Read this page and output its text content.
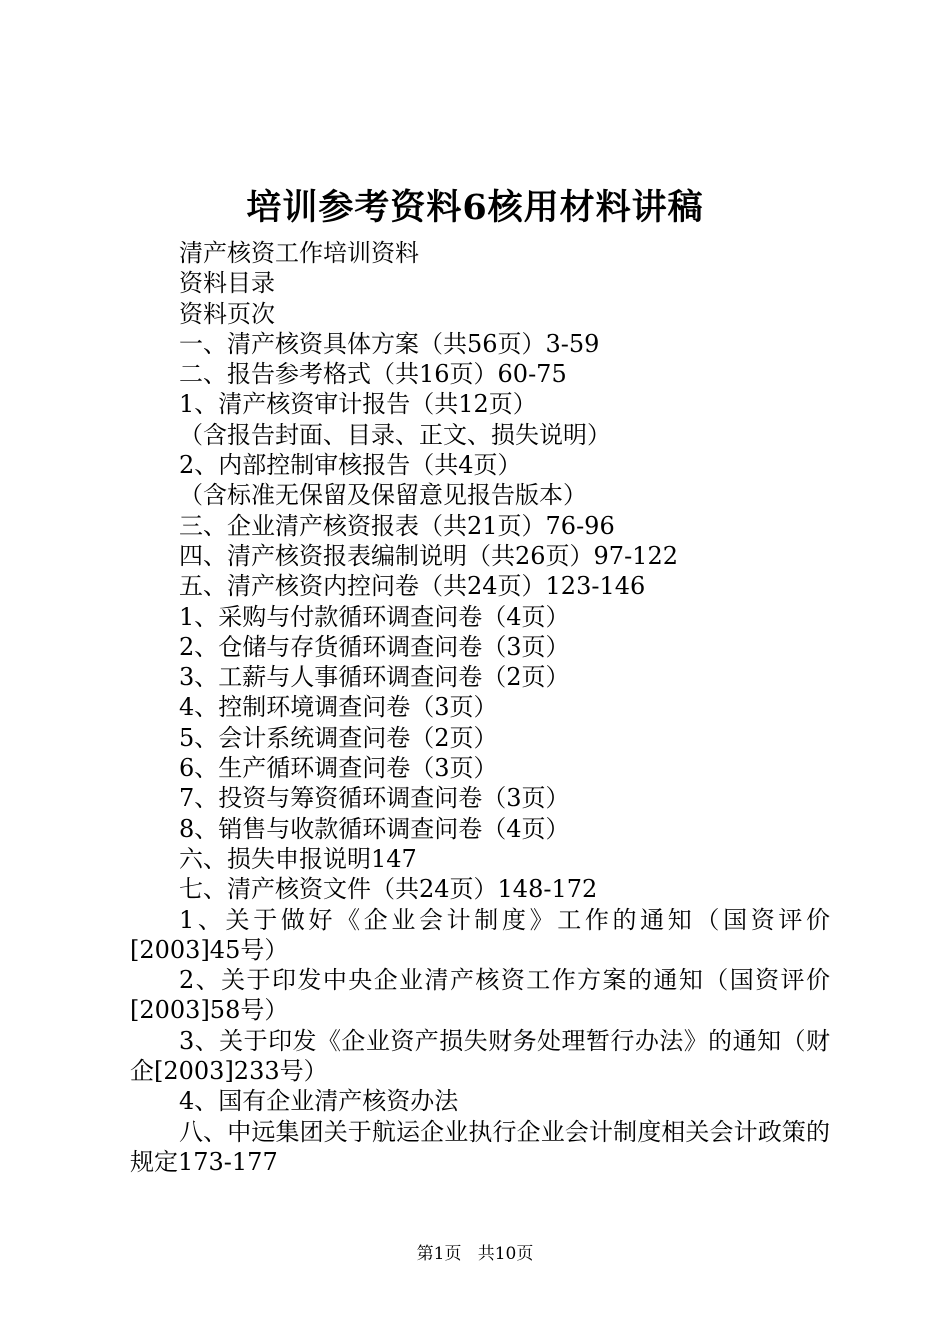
培训参考资料6核用材料讲稿

清产核资工作培训资料

资料目录

资料页次

一、清产核资具体方案（共56页）3-59

二、报告参考格式（共16页）60-75

1、清产核资审计报告（共12页）

（含报告封面、目录、正文、损失说明）

2、内部控制审核报告（共4页）

（含标准无保留及保留意见报告版本）

三、企业清产核资报表（共21页）76-96

四、清产核资报表编制说明（共26页）97-122

五、清产核资内控问卷（共24页）123-146

1、采购与付款循环调查问卷（4页）

2、仓储与存货循环调查问卷（3页）

3、工薪与人事循环调查问卷（2页）

4、控制环境调查问卷（3页）

5、会计系统调查问卷（2页）

6、生产循环调查问卷（3页）

7、投资与筹资循环调查问卷（3页）

8、销售与收款循环调查问卷（4页）

六、损失申报说明147

七、清产核资文件（共24页）148-172

1、关于做好《企业会计制度》工作的通知（国资评价[2003]45号）

2、关于印发中央企业清产核资工作方案的通知（国资评价[2003]58号）

3、关于印发《企业资产损失财务处理暂行办法》的通知（财企[2003]233号）

4、国有企业清产核资办法

八、中远集团关于航运企业执行企业会计制度相关会计政策的规定173-177

第1页 共10页
